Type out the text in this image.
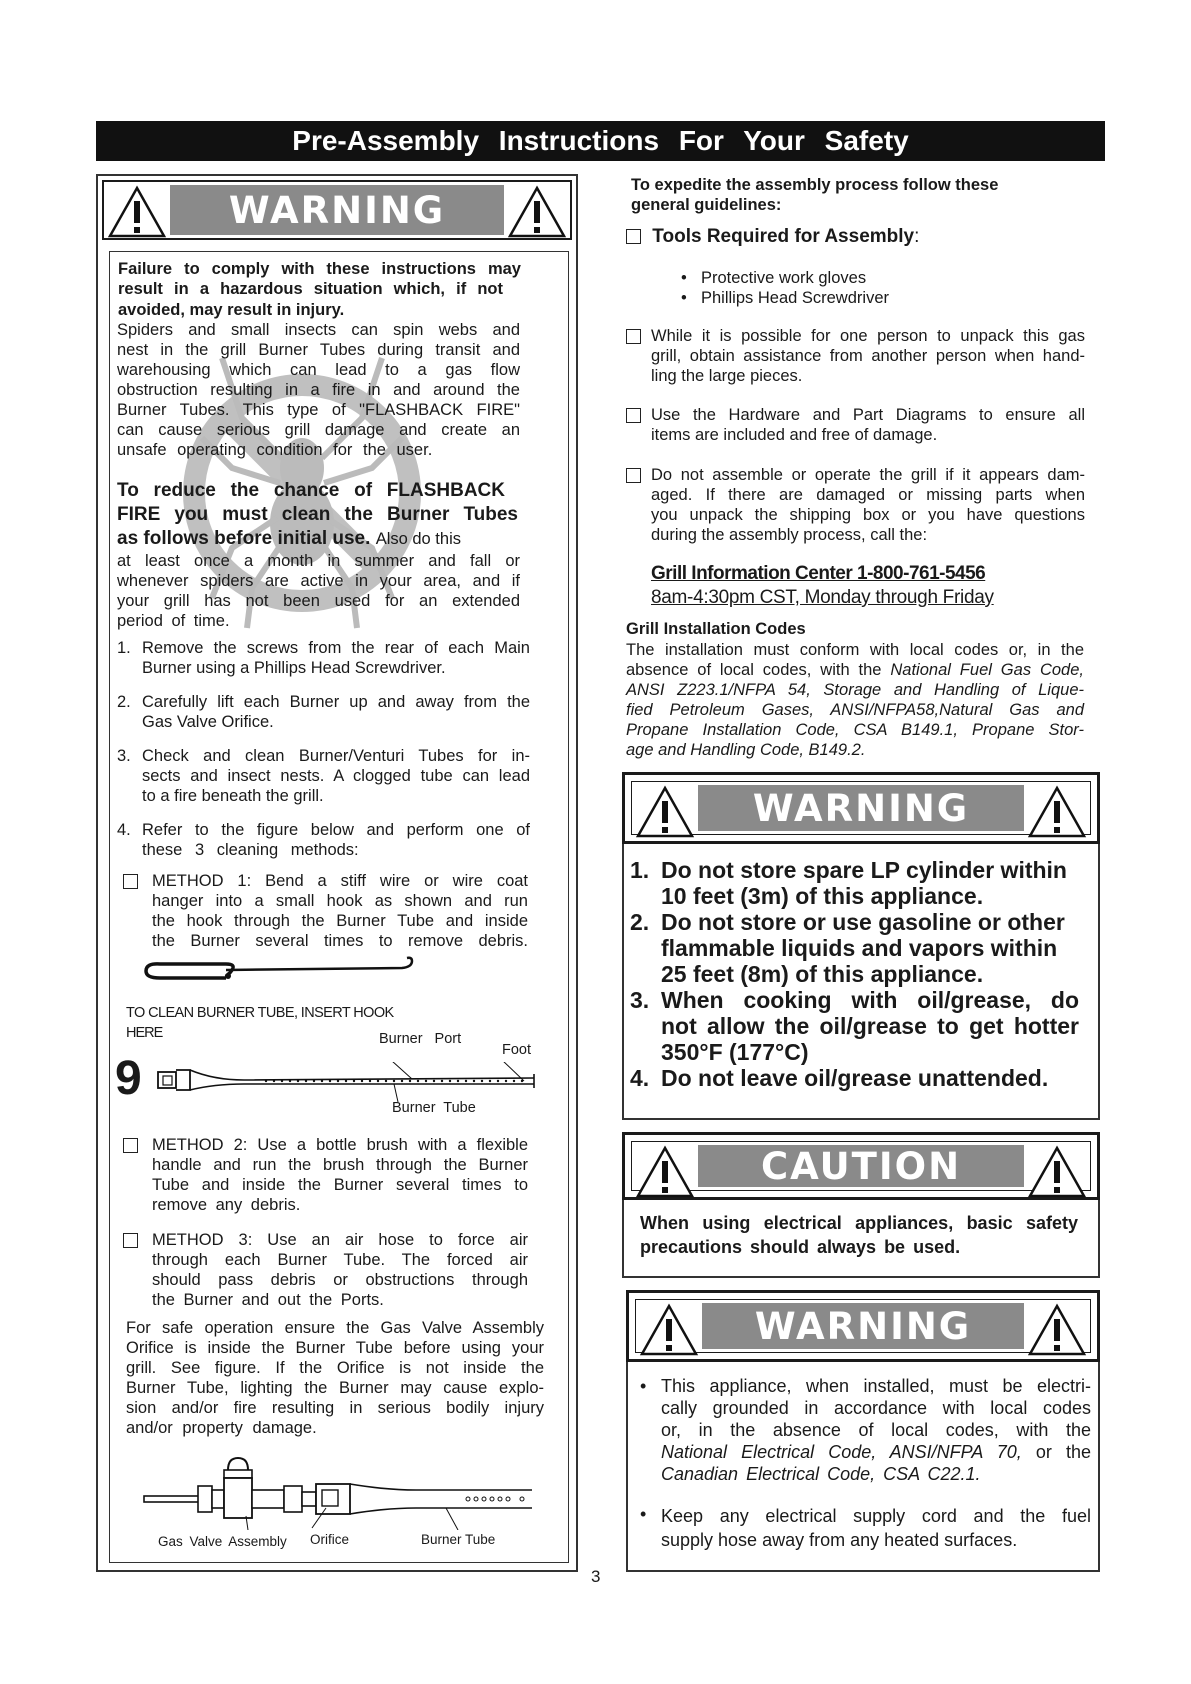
Pre-Assembly Instructions For Your Safety
WARNING
Failure to comply with these instructions may
result in a hazardous situation which, if not
avoided, may result in injury.
To reduce the chance of FLASHBACK
FIRE you must clean the Burner Tubes
as follows before initial use. Also do this
period of time.
TO CLEAN BURNER TUBE, INSERT HOOK
HERE	Burner Port
Foot
9
Burner Tube
Gas Valve Assembly Orifice	Burner Tube
To expedite the assembly process follow these
general guidelines:
Tools Required for Assembly:
Grill Information Center 1-800-761-5456
8am-4:30pm CST, Monday through Friday
Grill Installation Codes
The installation must conform with local codes or, in the
absence of local codes, with the National Fuel Gas Code,
WARNING
CAUTION
When using electrical appliances, basic safety
precautions should always be used.
WARNING
•
•
3
Spiders and small insects can spin webs and
nest in the grill Burner Tubes during transit and
warehousing which can lead to a gas flow
obstruction resulting in a fire in and around the
Burner Tubes. This type of "FLASHBACK FIRE"
can cause serious grill damage and create an
unsafe operating condition for the user.
at least once a month in summer and fall or
whenever spiders are active in your area, and if
your grill has not been used for an extended
1. Remove the screws from the rear of each Main
Burner using a Phillips Head Screwdriver.
2. Carefully lift each Burner up and away from the
Gas Valve Orifice.
3. Check and clean Burner/Venturi Tubes for in-
sects and insect nests. A clogged tube can lead
to a fire beneath the grill.
4. Refer to the figure below and perform one of
these 3 cleaning methods:
METHOD 1: Bend a stiff wire or wire coat
hanger into a small hook as shown and run
the hook through the Burner Tube and inside
the Burner several times to remove debris.
METHOD 2: Use a bottle brush with a flexible
handle and run the brush through the Burner
Tube and inside the Burner several times to
remove any debris.
METHOD 3: Use an air hose to force air
through each Burner Tube. The forced air
should pass debris or obstructions through
the Burner and out the Ports.
For safe operation ensure the Gas Valve Assembly
Orifice is inside the Burner Tube before using your
grill. See figure. If the Orifice is not inside the
Burner Tube, lighting the Burner may cause explo-
sion and/or fire resulting in serious bodily injury
and/or property damage.
• Protective work gloves
• Phillips Head Screwdriver
While it is possible for one person to unpack this gas
grill, obtain assistance from another person when hand-
ling the large pieces.
Use the Hardware and Part Diagrams to ensure all
items are included and free of damage.
Do not assemble or operate the grill if it appears dam-
aged. If there are damaged or missing parts when
you unpack the shipping box or you have questions
during the assembly process, call the:
ANSI Z223.1/NFPA 54, Storage and Handling of Lique-
fied Petroleum Gases, ANSI/NFPA58,Natural Gas and
Propane Installation Code, CSA B149.1, Propane Stor-
age and Handling Code, B149.2.
1. Do not store spare LP cylinder within
10 feet (3m) of this appliance.
2. Do not store or use gasoline or other
flammable liquids and vapors within
25 feet (8m) of this appliance.
3. When cooking with oil/grease, do
not allow the oil/grease to get hotter
350°F (177°C)
4. Do not leave oil/grease unattended.
This appliance, when installed, must be electri-
cally grounded in accordance with local codes
or, in the absence of local codes, with the
National Electrical Code, ANSI/NFPA 70, or the
Canadian Electrical Code, CSA C22.1.
Keep any electrical supply cord and the fuel
supply hose away from any heated surfaces.
